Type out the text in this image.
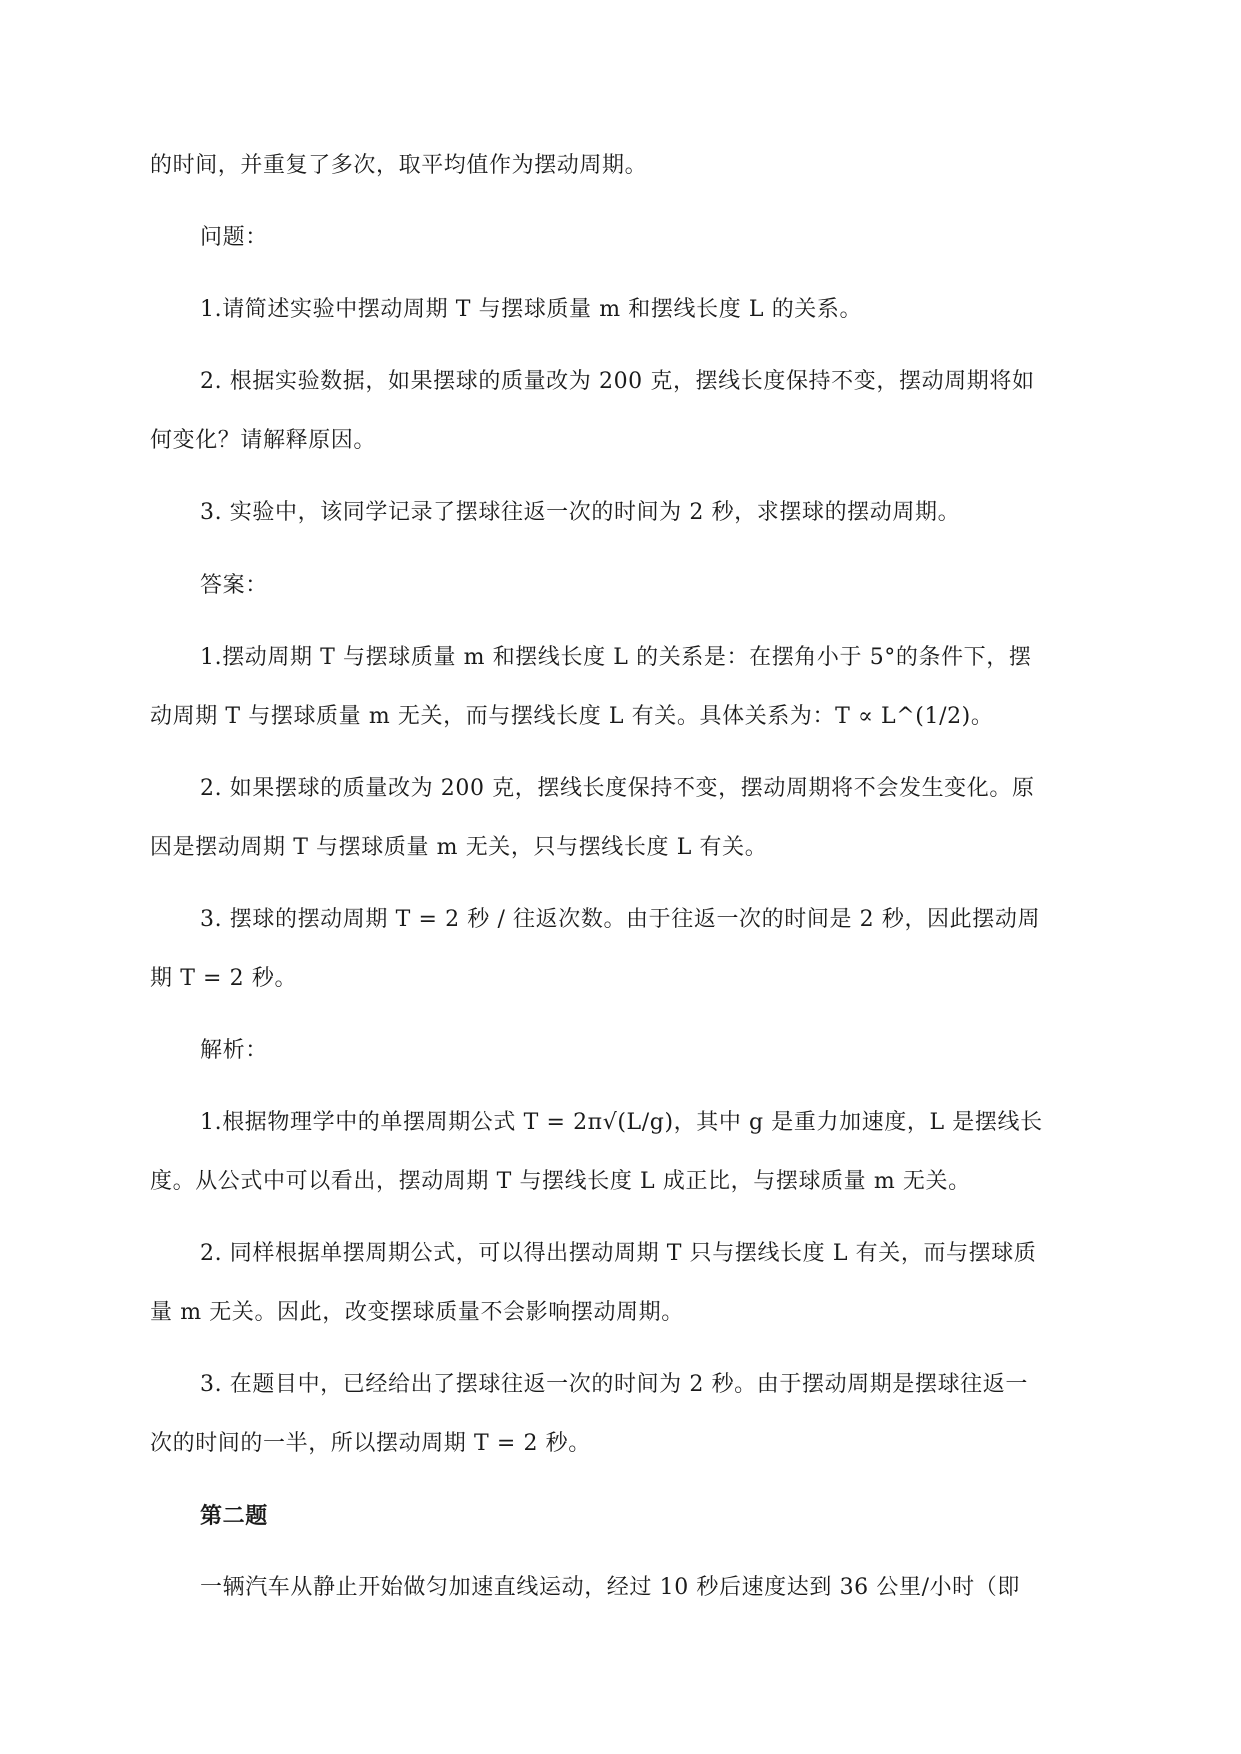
的时间，并重复了多次，取平均值作为摆动周期。
问题：
1.请简述实验中摆动周期 T 与摆球质量 m 和摆线长度 L 的关系。
2. 根据实验数据，如果摆球的质量改为 200 克，摆线长度保持不变，摆动周期将如
何变化？请解释原因。
3. 实验中，该同学记录了摆球往返一次的时间为 2 秒，求摆球的摆动周期。
答案：
1.摆动周期 T 与摆球质量 m 和摆线长度 L 的关系是：在摆角小于 5°的条件下，摆
动周期 T 与摆球质量 m 无关，而与摆线长度 L 有关。具体关系为：T ∝ L^(1/2)。
2. 如果摆球的质量改为 200 克，摆线长度保持不变，摆动周期将不会发生变化。原
因是摆动周期 T 与摆球质量 m 无关，只与摆线长度 L 有关。
3. 摆球的摆动周期 T = 2 秒 / 往返次数。由于往返一次的时间是 2 秒，因此摆动周
期 T = 2 秒。
解析：
1.根据物理学中的单摆周期公式 T = 2π√(L/g)，其中 g 是重力加速度，L 是摆线长
度。从公式中可以看出，摆动周期 T 与摆线长度 L 成正比，与摆球质量 m 无关。
2. 同样根据单摆周期公式，可以得出摆动周期 T 只与摆线长度 L 有关，而与摆球质
量 m 无关。因此，改变摆球质量不会影响摆动周期。
3. 在题目中，已经给出了摆球往返一次的时间为 2 秒。由于摆动周期是摆球往返一
次的时间的一半，所以摆动周期 T = 2 秒。
第二题
一辆汽车从静止开始做匀加速直线运动，经过 10 秒后速度达到 36 公里/小时（即
